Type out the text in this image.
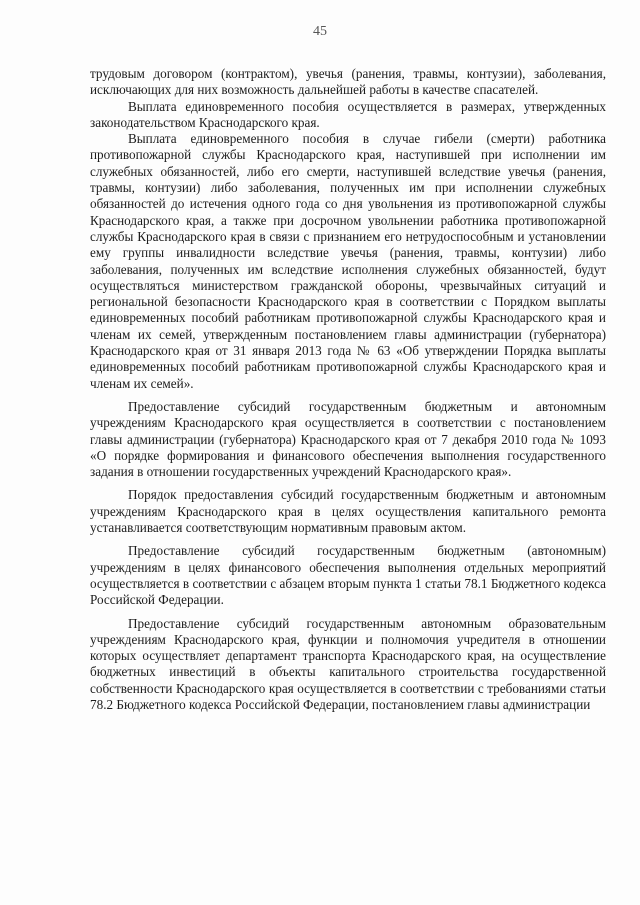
45

трудовым договором (контрактом), увечья (ранения, травмы, контузии), заболевания, исключающих для них возможность дальнейшей работы в качестве спасателей.

Выплата единовременного пособия осуществляется в размерах, утвержденных законодательством Краснодарского края.

Выплата единовременного пособия в случае гибели (смерти) работника противопожарной службы Краснодарского края, наступившей при исполнении им служебных обязанностей, либо его смерти, наступившей вследствие увечья (ранения, травмы, контузии) либо заболевания, полученных им при исполнении служебных обязанностей до истечения одного года со дня увольнения из противопожарной службы Краснодарского края, а также при досрочном увольнении работника противопожарной службы Краснодарского края в связи с признанием его нетрудоспособным и установлении ему группы инвалидности вследствие увечья (ранения, травмы, контузии) либо заболевания, полученных им вследствие исполнения служебных обязанностей, будут осуществляться министерством гражданской обороны, чрезвычайных ситуаций и региональной безопасности Краснодарского края в соответствии с Порядком выплаты единовременных пособий работникам противопожарной службы Краснодарского края и членам их семей, утвержденным постановлением главы администрации (губернатора) Краснодарского края от 31 января 2013 года № 63 «Об утверждении Порядка выплаты единовременных пособий работникам противопожарной службы Краснодарского края и членам их семей».

Предоставление субсидий государственным бюджетным и автономным учреждениям Краснодарского края осуществляется в соответствии с постановлением главы администрации (губернатора) Краснодарского края от 7 декабря 2010 года № 1093 «О порядке формирования и финансового обеспечения выполнения государственного задания в отношении государственных учреждений Краснодарского края».

Порядок предоставления субсидий государственным бюджетным и автономным учреждениям Краснодарского края в целях осуществления капитального ремонта устанавливается соответствующим нормативным правовым актом.

Предоставление субсидий государственным бюджетным (автономным) учреждениям в целях финансового обеспечения выполнения отдельных мероприятий осуществляется в соответствии с абзацем вторым пункта 1 статьи 78.1 Бюджетного кодекса Российской Федерации.

Предоставление субсидий государственным автономным образовательным учреждениям Краснодарского края, функции и полномочия учредителя в отношении которых осуществляет департамент транспорта Краснодарского края, на осуществление бюджетных инвестиций в объекты капитального строительства государственной собственности Краснодарского края осуществляется в соответствии с требованиями статьи 78.2 Бюджетного кодекса Российской Федерации, постановлением главы администрации
